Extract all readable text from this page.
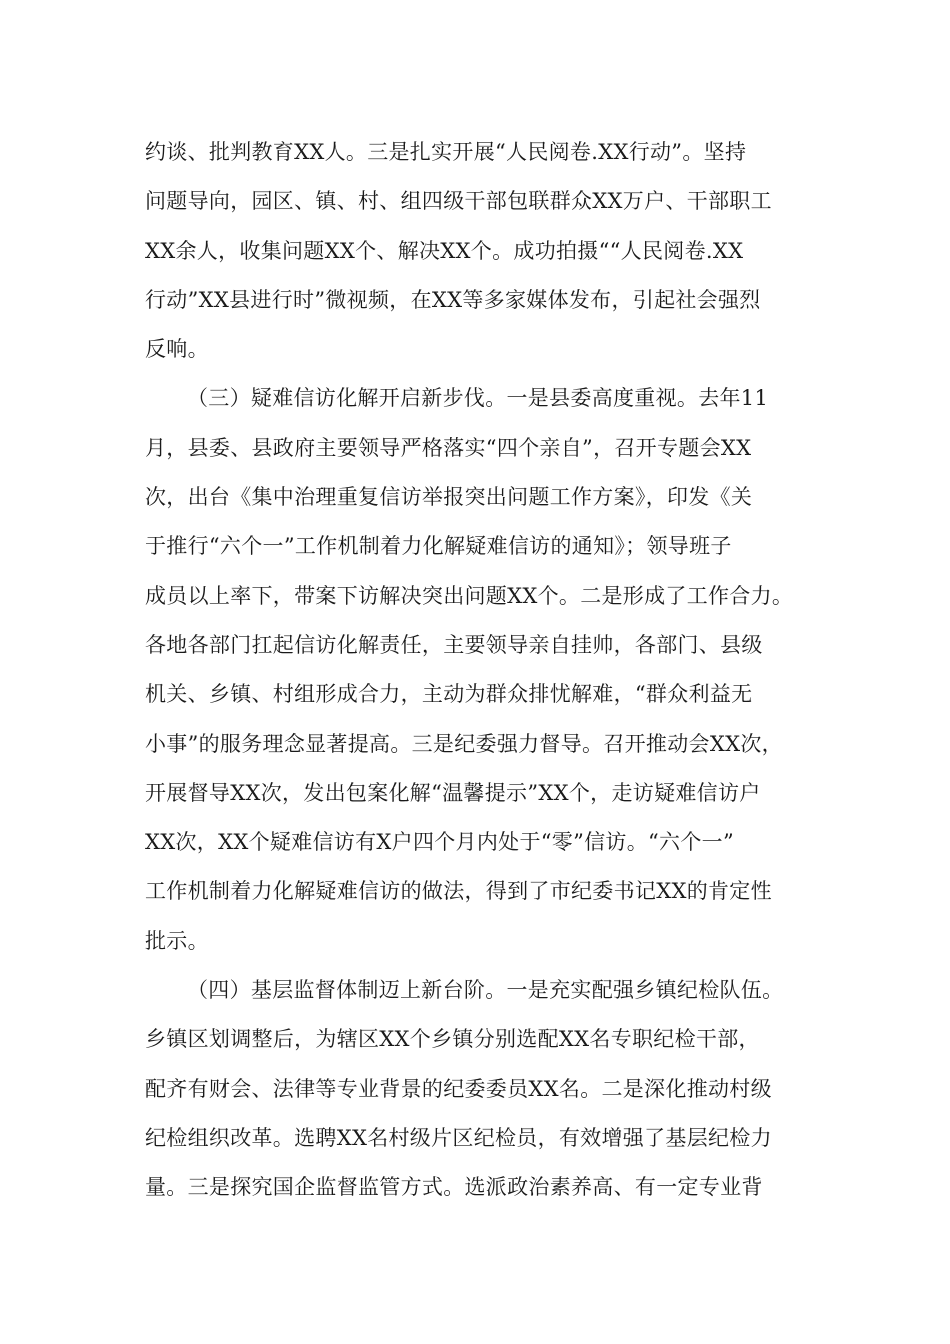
约谈、批判教育XX人。三是扎实开展“人民阅卷.XX行动”。坚持
问题导向，园区、镇、村、组四级干部包联群众XX万户、干部职工
XX余人，收集问题XX个、解决XX个。成功拍摄““人民阅卷.XX
行动”XX县进行时”微视频，在XX等多家媒体发布，引起社会强烈
反响。
（三）疑难信访化解开启新步伐。一是县委高度重视。去年11
月，县委、县政府主要领导严格落实“四个亲自”，召开专题会XX
次，出台《集中治理重复信访举报突出问题工作方案》，印发《关
于推行“六个一”工作机制着力化解疑难信访的通知》；领导班子
成员以上率下，带案下访解决突出问题XX个。二是形成了工作合力。
各地各部门扛起信访化解责任，主要领导亲自挂帅，各部门、县级
机关、乡镇、村组形成合力，主动为群众排忧解难，“群众利益无
小事”的服务理念显著提高。三是纪委强力督导。召开推动会XX次，
开展督导XX次，发出包案化解“温馨提示”XX个，走访疑难信访户
XX次，XX个疑难信访有X户四个月内处于“零”信访。“六个一”
工作机制着力化解疑难信访的做法，得到了市纪委书记XX的肯定性
批示。
（四）基层监督体制迈上新台阶。一是充实配强乡镇纪检队伍。
乡镇区划调整后，为辖区XX个乡镇分别选配XX名专职纪检干部，
配齐有财会、法律等专业背景的纪委委员XX名。二是深化推动村级
纪检组织改革。选聘XX名村级片区纪检员，有效增强了基层纪检力
量。三是探究国企监督监管方式。选派政治素养高、有一定专业背
